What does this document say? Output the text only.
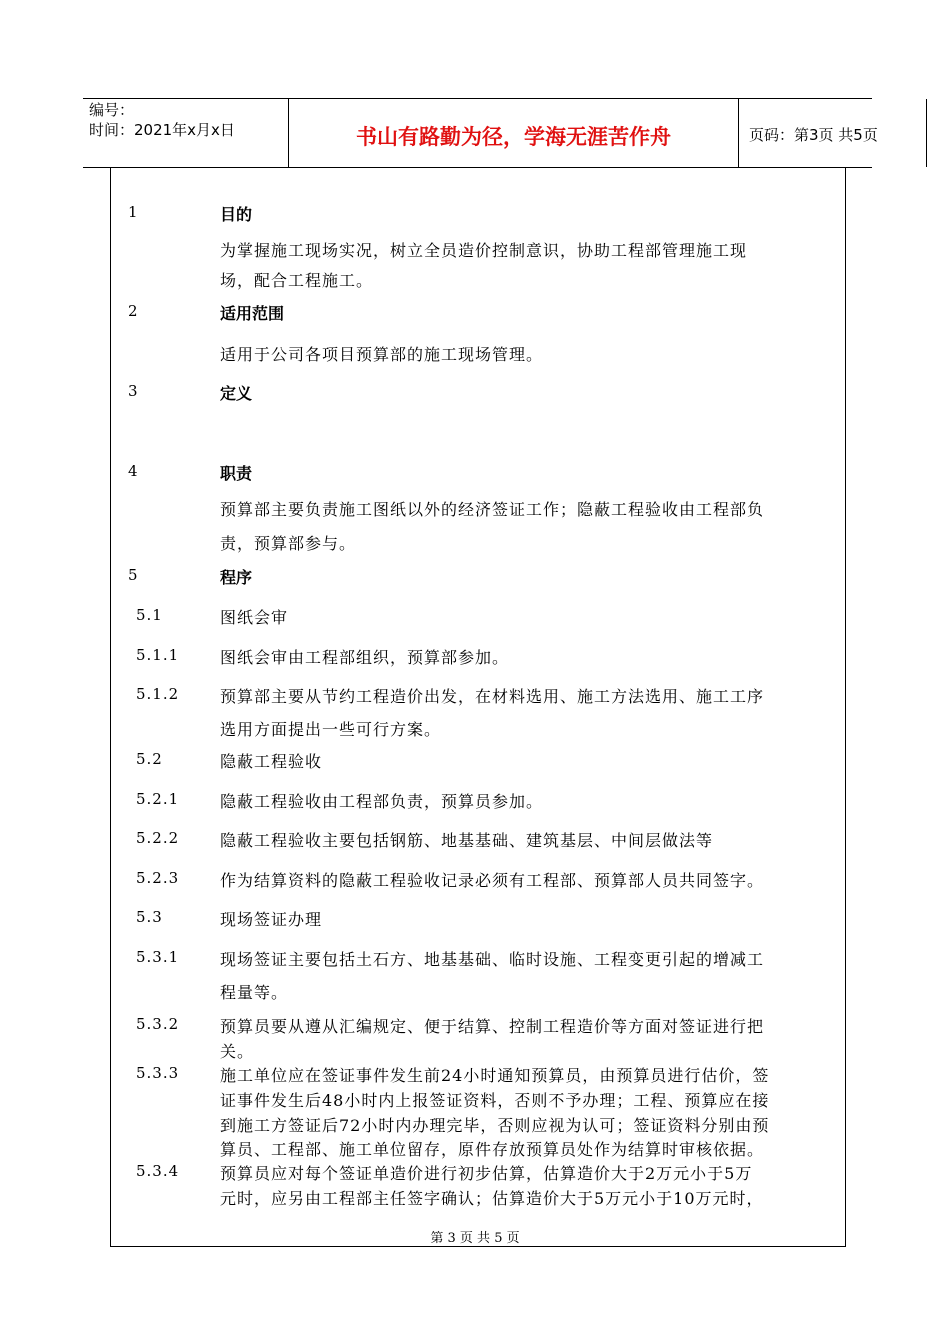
编号：
时间：2021年x月x日	书山有路勤为径，学海无涯苦作舟	页码：第3页 共5页
1	目的
为掌握施工现场实况，树立全员造价控制意识，协助工程部管理施工现
场，配合工程施工。
2	适用范围
适用于公司各项目预算部的施工现场管理。
3	定义
4	职责
预算部主要负责施工图纸以外的经济签证工作；隐蔽工程验收由工程部负
责，预算部参与。
5	程序
5.1	图纸会审
5.1.1	图纸会审由工程部组织，预算部参加。
5.1.2	预算部主要从节约工程造价出发，在材料选用、施工方法选用、施工工序
选用方面提出一些可行方案。
5.2	隐蔽工程验收
5.2.1	隐蔽工程验收由工程部负责，预算员参加。
5.2.2	隐蔽工程验收主要包括钢筋、地基基础、建筑基层、中间层做法等
5.2.3	作为结算资料的隐蔽工程验收记录必须有工程部、预算部人员共同签字。
5.3	现场签证办理
5.3.1	现场签证主要包括土石方、地基基础、临时设施、工程变更引起的增减工
程量等。
5.3.2	预算员要从遵从汇编规定、便于结算、控制工程造价等方面对签证进行把
关。
5.3.3	施工单位应在签证事件发生前24小时通知预算员，由预算员进行估价，签
证事件发生后48小时内上报签证资料，否则不予办理；工程、预算应在接
到施工方签证后72小时内办理完毕，否则应视为认可；签证资料分别由预
算员、工程部、施工单位留存，原件存放预算员处作为结算时审核依据。
5.3.4	预算员应对每个签证单造价进行初步估算，估算造价大于2万元小于5万
元时，应另由工程部主任签字确认；估算造价大于5万元小于10万元时，
第 3 页 共 5 页
